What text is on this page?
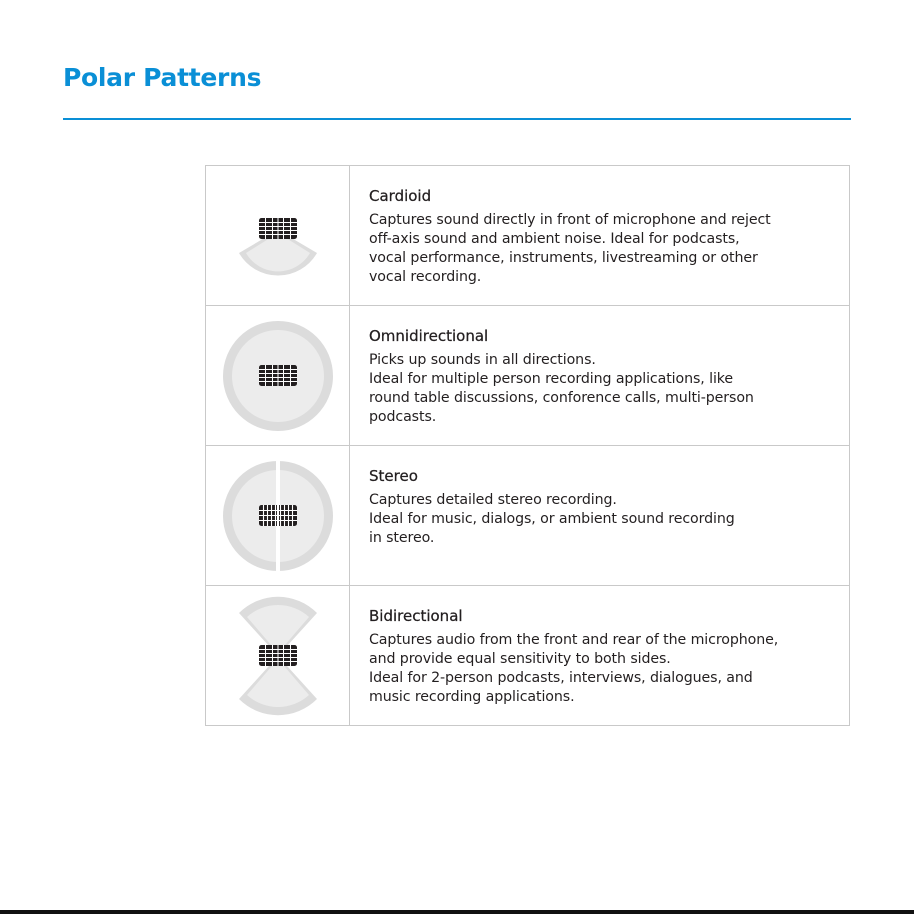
Polar Patterns

Cardioid

Captures sound directly in front of microphone and reject
off-axis sound and ambient noise. Ideal for podcasts,
vocal performance, instruments, livestreaming or other
vocal recording.

Omnidirectional

Picks up sounds in all directions.
Ideal for multiple person recording applications, like
round table discussions, conforence calls, multi-person
podcasts.

Stereo

Captures detailed stereo recording.
Ideal for music, dialogs, or ambient sound recording
in stereo.

Bidirectional

Captures audio from the front and rear of the microphone,
and provide equal sensitivity to both sides.
Ideal for 2-person podcasts, interviews, dialogues, and
music recording applications.
